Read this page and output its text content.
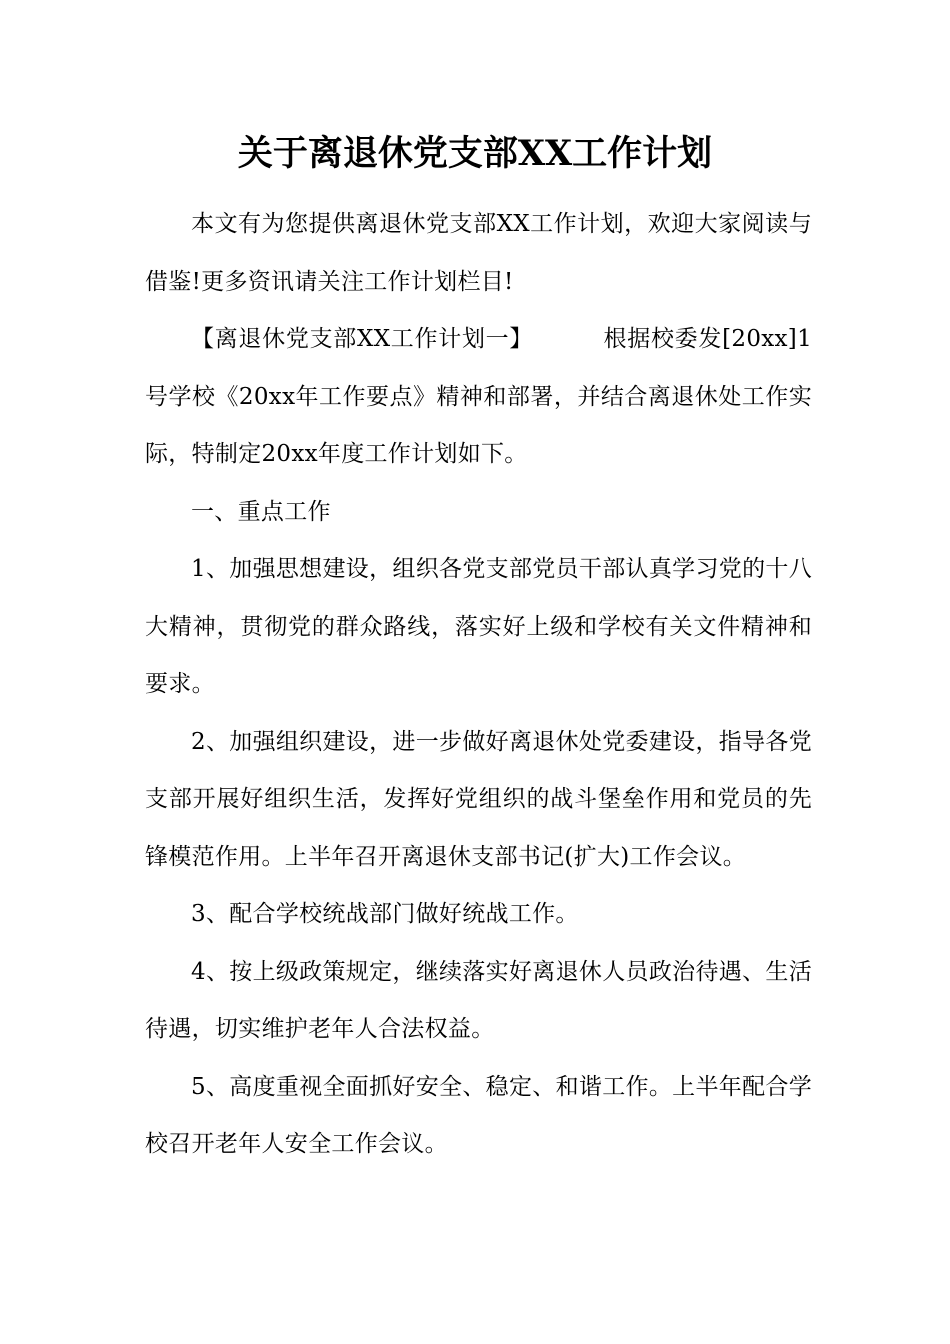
关于离退休党支部XX工作计划

本文有为您提供离退休党支部XX工作计划，欢迎大家阅读与借鉴!更多资讯请关注工作计划栏目!

【离退休党支部XX工作计划一】	根据校委发[20xx]1号学校《20xx年工作要点》精神和部署，并结合离退休处工作实际，特制定20xx年度工作计划如下。

一、重点工作

1、加强思想建设，组织各党支部党员干部认真学习党的十八大精神，贯彻党的群众路线，落实好上级和学校有关文件精神和要求。

2、加强组织建设，进一步做好离退休处党委建设，指导各党支部开展好组织生活，发挥好党组织的战斗堡垒作用和党员的先锋模范作用。上半年召开离退休支部书记(扩大)工作会议。

3、配合学校统战部门做好统战工作。

4、按上级政策规定，继续落实好离退休人员政治待遇、生活待遇，切实维护老年人合法权益。

5、高度重视全面抓好安全、稳定、和谐工作。上半年配合学校召开老年人安全工作会议。
